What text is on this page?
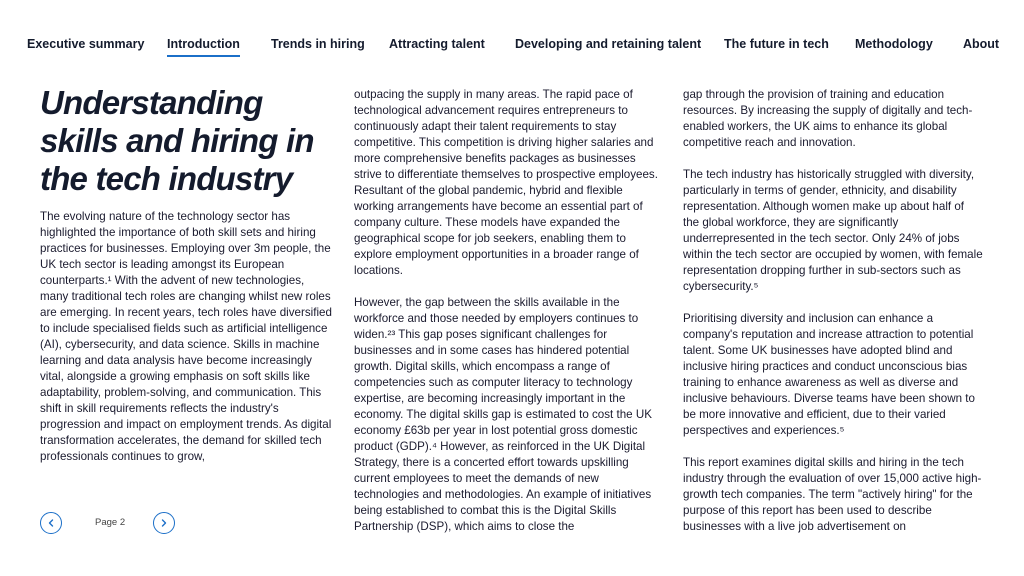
Executive summary Introduction Trends in hiring Attracting talent Developing and retaining talent The future in tech Methodology About
Understanding skills and hiring in the tech industry

The evolving nature of the technology sector has highlighted the importance of both skill sets and hiring practices for businesses. Employing over 3m people, the UK tech sector is leading amongst its European counterparts.¹ With the advent of new technologies, many traditional tech roles are changing whilst new roles are emerging. In recent years, tech roles have diversified to include specialised fields such as artificial intelligence (AI), cybersecurity, and data science. Skills in machine learning and data analysis have become increasingly vital, alongside a growing emphasis on soft skills like adaptability, problem-solving, and communication. This shift in skill requirements reflects the industry's progression and impact on employment trends. As digital transformation accelerates, the demand for skilled tech professionals continues to grow,

outpacing the supply in many areas. The rapid pace of technological advancement requires entrepreneurs to continuously adapt their talent requirements to stay competitive. This competition is driving higher salaries and more comprehensive benefits packages as businesses strive to differentiate themselves to prospective employees. Resultant of the global pandemic, hybrid and flexible working arrangements have become an essential part of company culture. These models have expanded the geographical scope for job seekers, enabling them to explore employment opportunities in a broader range of locations.

However, the gap between the skills available in the workforce and those needed by employers continues to widen.²³ This gap poses significant challenges for businesses and in some cases has hindered potential growth. Digital skills, which encompass a range of competencies such as computer literacy to technology expertise, are becoming increasingly important in the economy. The digital skills gap is estimated to cost the UK economy £63b per year in lost potential gross domestic product (GDP).⁴ However, as reinforced in the UK Digital Strategy, there is a concerted effort towards upskilling current employees to meet the demands of new technologies and methodologies. An example of initiatives being established to combat this is the Digital Skills Partnership (DSP), which aims to close the

gap through the provision of training and education resources. By increasing the supply of digitally and tech-enabled workers, the UK aims to enhance its global competitive reach and innovation.

The tech industry has historically struggled with diversity, particularly in terms of gender, ethnicity, and disability representation. Although women make up about half of the global workforce, they are significantly underrepresented in the tech sector. Only 24% of jobs within the tech sector are occupied by women, with female representation dropping further in sub-sectors such as cybersecurity.⁵

Prioritising diversity and inclusion can enhance a company's reputation and increase attraction to potential talent. Some UK businesses have adopted blind and inclusive hiring practices and conduct unconscious bias training to enhance awareness as well as diverse and inclusive behaviours. Diverse teams have been shown to be more innovative and efficient, due to their varied perspectives and experiences.⁵

This report examines digital skills and hiring in the tech industry through the evaluation of over 15,000 active high-growth tech companies. The term "actively hiring" for the purpose of this report has been used to describe businesses with a live job advertisement on

Page 2
